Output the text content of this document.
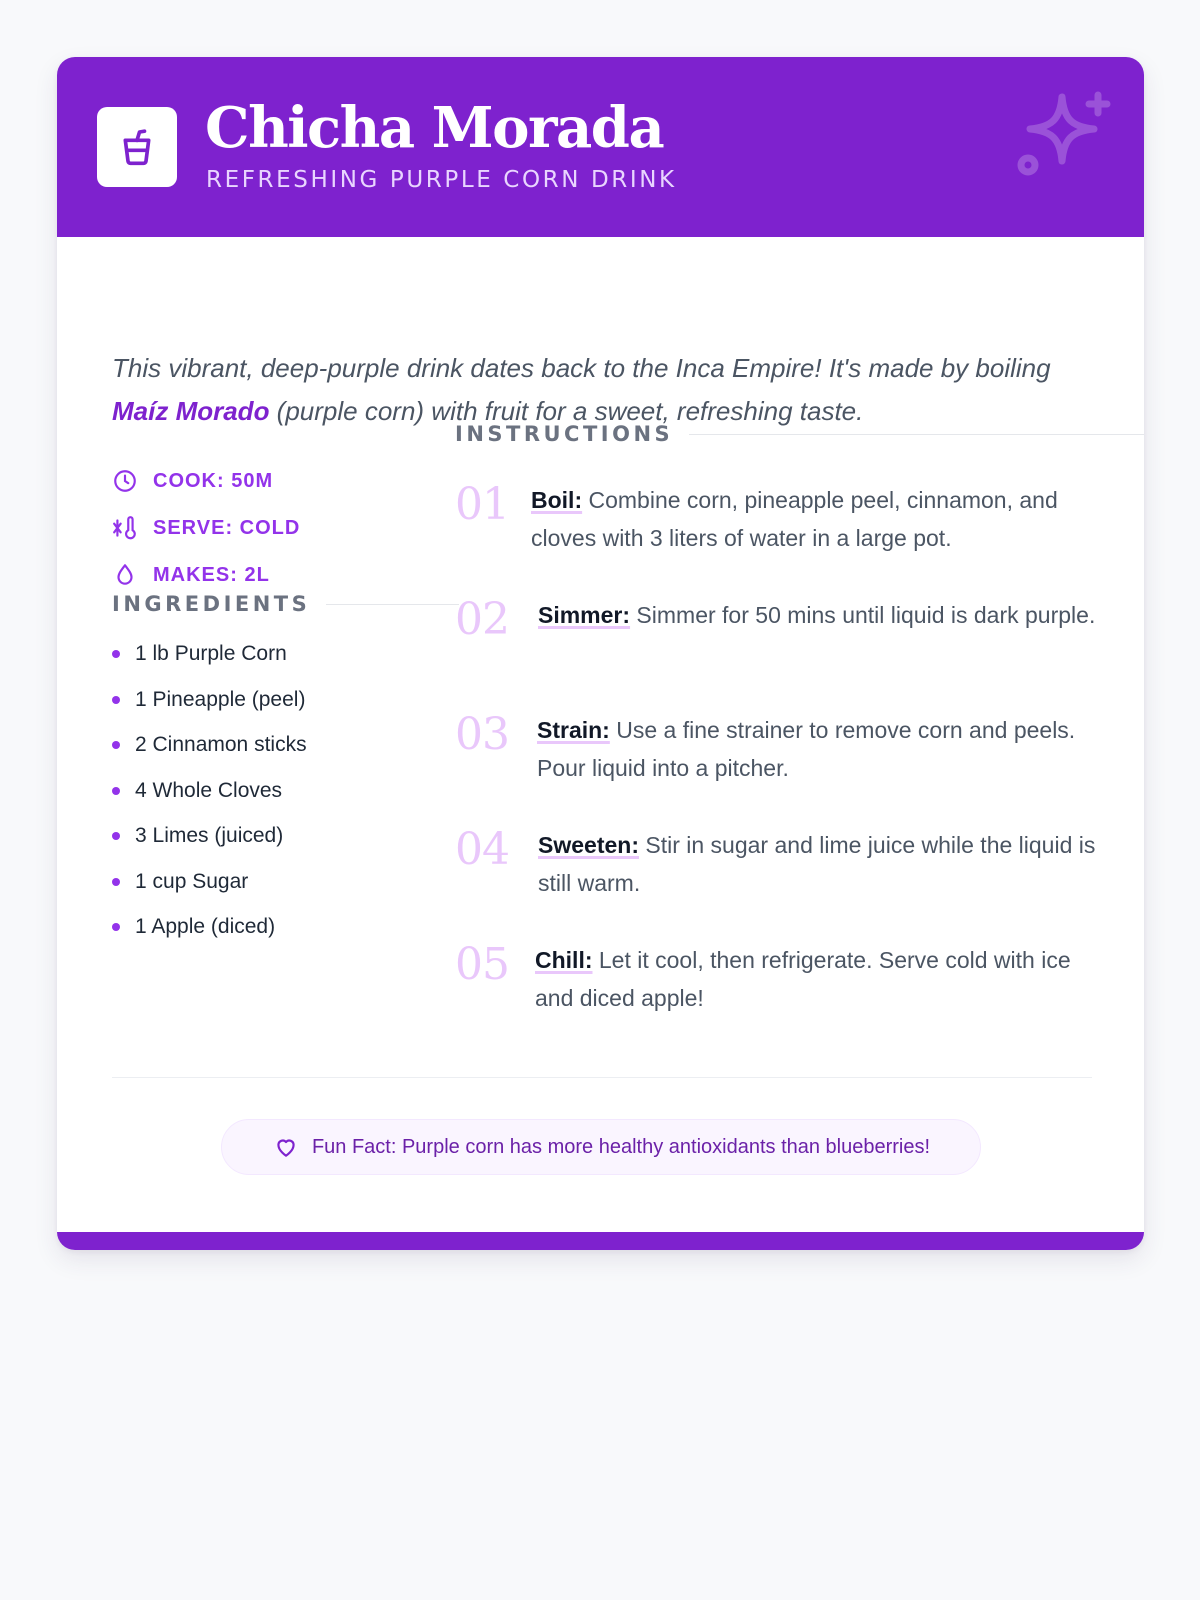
Chicha Morada
REFRESHING PURPLE CORN DRINK

This vibrant, deep-purple drink dates back to the Inca Empire! It's made by boiling Maíz Morado (purple corn) with fruit for a sweet, refreshing taste.

COOK: 50M
SERVE: COLD
MAKES: 2L
INGREDIENTS
1 lb Purple Corn
1 Pineapple (peel)
2 Cinnamon sticks
4 Whole Cloves
3 Limes (juiced)
1 cup Sugar
1 Apple (diced)
INSTRUCTIONS
01 Boil: Combine corn, pineapple peel, cinnamon, and cloves with 3 liters of water in a large pot.
02 Simmer: Simmer for 50 mins until liquid is dark purple.
03 Strain: Use a fine strainer to remove corn and peels. Pour liquid into a pitcher.
04 Sweeten: Stir in sugar and lime juice while the liquid is still warm.
05 Chill: Let it cool, then refrigerate. Serve cold with ice and diced apple!
Fun Fact: Purple corn has more healthy antioxidants than blueberries!
